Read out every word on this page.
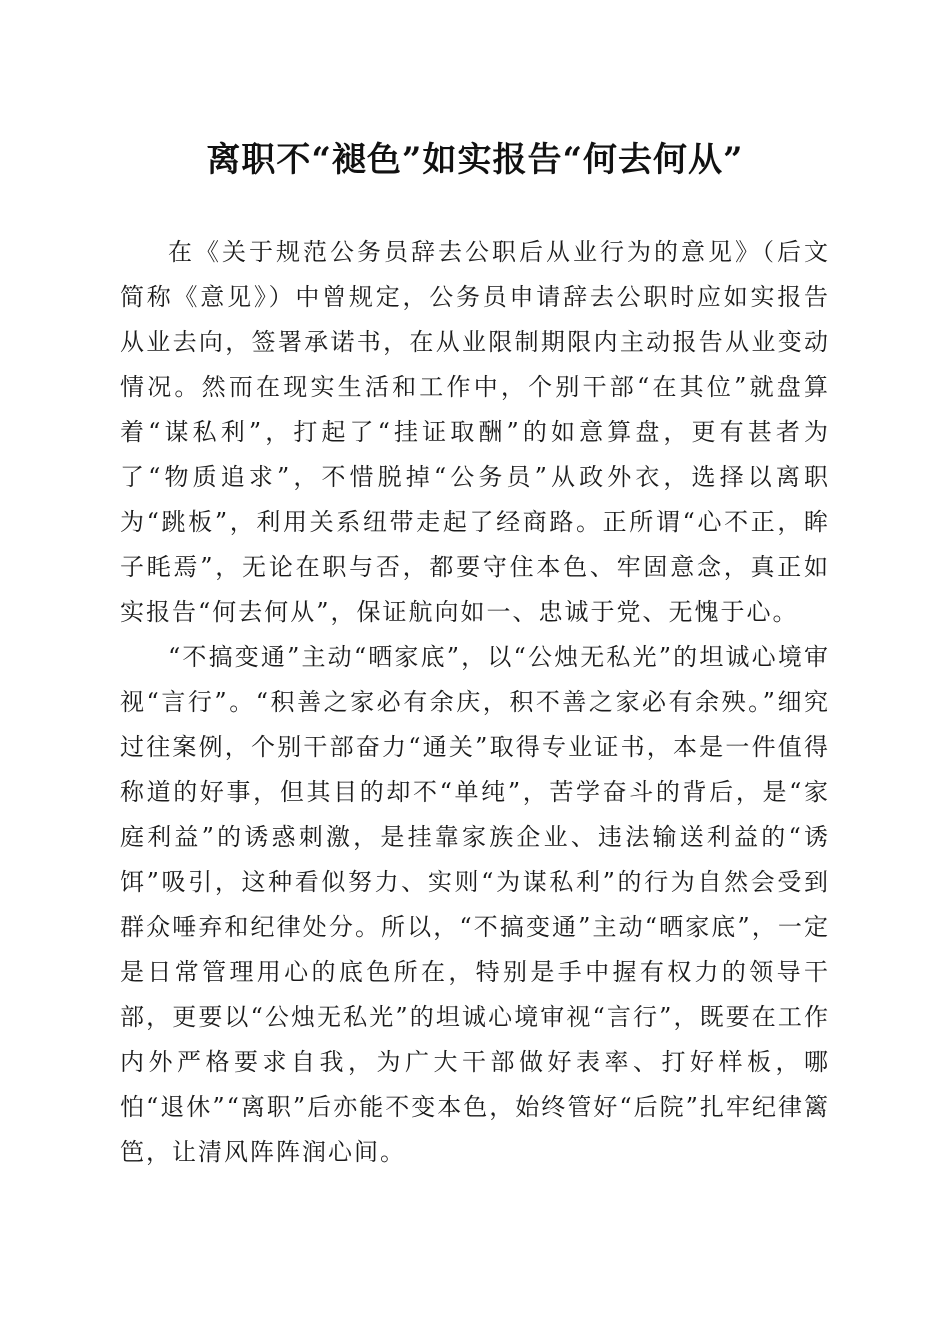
离职不“褪色”如实报告“何去何从”

在《关于规范公务员辞去公职后从业行为的意见》（后文简称《意见》）中曾规定，公务员申请辞去公职时应如实报告从业去向，签署承诺书，在从业限制期限内主动报告从业变动情况。然而在现实生活和工作中，个别干部“在其位”就盘算着“谋私利”，打起了“挂证取酬”的如意算盘，更有甚者为了“物质追求”，不惜脱掉“公务员”从政外衣，选择以离职为“跳板”，利用关系纽带走起了经商路。正所谓“心不正，眸子眊焉”，无论在职与否，都要守住本色、牢固意念，真正如实报告“何去何从”，保证航向如一、忠诚于党、无愧于心。

“不搞变通”主动“晒家底”，以“公烛无私光”的坦诚心境审视“言行”。“积善之家必有余庆，积不善之家必有余殃。”细究过往案例，个别干部奋力“通关”取得专业证书，本是一件值得称道的好事，但其目的却不“单纯”，苦学奋斗的背后，是“家庭利益”的诱惑刺激，是挂靠家族企业、违法输送利益的“诱饵”吸引，这种看似努力、实则“为谋私利”的行为自然会受到群众唾弃和纪律处分。所以，“不搞变通”主动“晒家底”，一定是日常管理用心的底色所在，特别是手中握有权力的领导干部，更要以“公烛无私光”的坦诚心境审视“言行”，既要在工作内外严格要求自我，为广大干部做好表率、打好样板，哪怕“退休”“离职”后亦能不变本色，始终管好“后院”扎牢纪律篱笆，让清风阵阵润心间。
